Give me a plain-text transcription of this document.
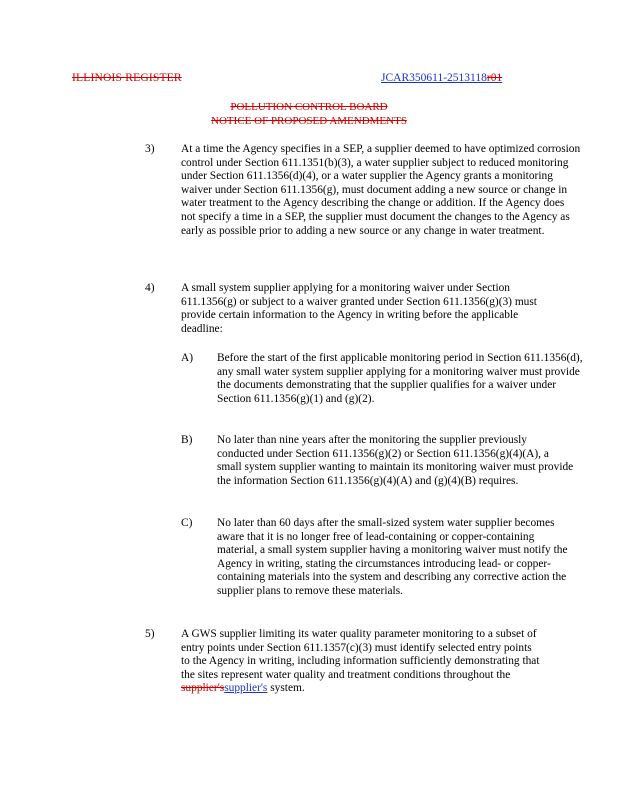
ILLINOIS REGISTER	JCAR350611-2513118r01
POLLUTION CONTROL BOARD
NOTICE OF PROPOSED AMENDMENTS
3) At a time the Agency specifies in a SEP, a supplier deemed to have optimized corrosion control under Section 611.1351(b)(3), a water supplier subject to reduced monitoring under Section 611.1356(d)(4), or a water supplier the Agency grants a monitoring waiver under Section 611.1356(g), must document adding a new source or change in water treatment to the Agency describing the change or addition. If the Agency does not specify a time in a SEP, the supplier must document the changes to the Agency as early as possible prior to adding a new source or any change in water treatment.
4) A small system supplier applying for a monitoring waiver under Section 611.1356(g) or subject to a waiver granted under Section 611.1356(g)(3) must provide certain information to the Agency in writing before the applicable deadline:
A) Before the start of the first applicable monitoring period in Section 611.1356(d), any small water system supplier applying for a monitoring waiver must provide the documents demonstrating that the supplier qualifies for a waiver under Section 611.1356(g)(1) and (g)(2).
B) No later than nine years after the monitoring the supplier previously conducted under Section 611.1356(g)(2) or Section 611.1356(g)(4)(A), a small system supplier wanting to maintain its monitoring waiver must provide the information Section 611.1356(g)(4)(A) and (g)(4)(B) requires.
C) No later than 60 days after the small-sized system water supplier becomes aware that it is no longer free of lead-containing or copper-containing material, a small system supplier having a monitoring waiver must notify the Agency in writing, stating the circumstances introducing lead- or copper-containing materials into the system and describing any corrective action the supplier plans to remove these materials.
5) A GWS supplier limiting its water quality parameter monitoring to a subset of entry points under Section 611.1357(c)(3) must identify selected entry points to the Agency in writing, including information sufficiently demonstrating that the sites represent water quality and treatment conditions throughout the supplier'ssupplier's system.
